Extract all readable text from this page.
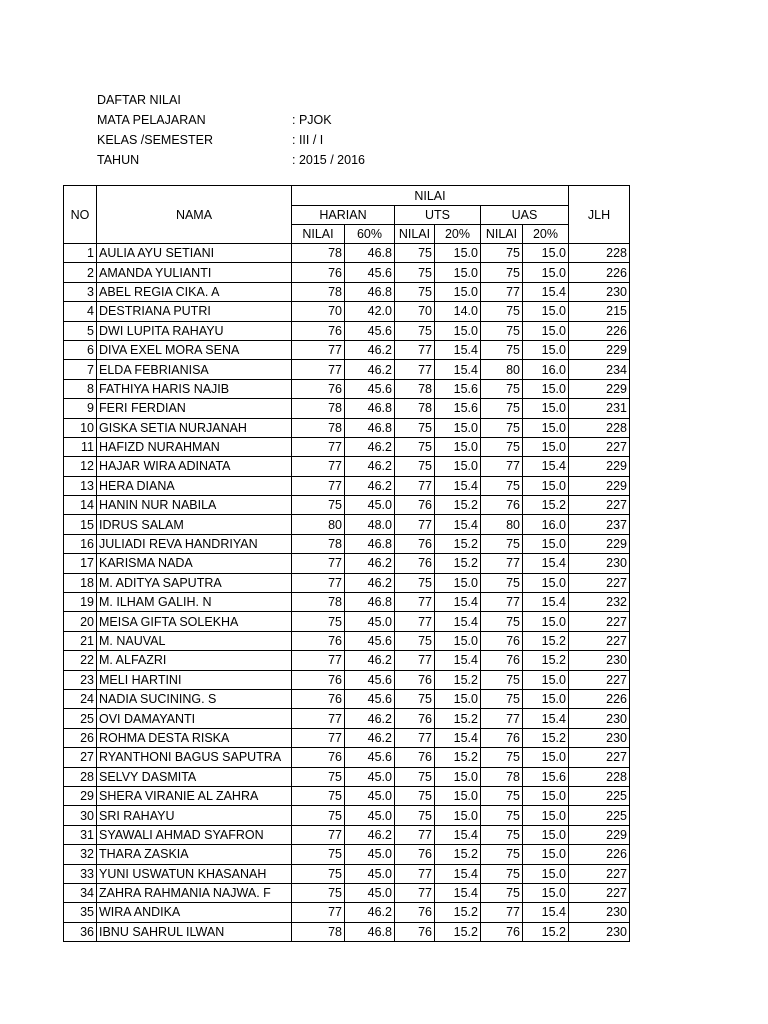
DAFTAR NILAI
MATA PELAJARAN	: PJOK
KELAS /SEMESTER	: III / I
TAHUN	: 2015 / 2016
NO	NAMA	NILAI						JLH
		HARIAN		UTS		UAS		
		NILAI	60%	NILAI	20%	NILAI	20%	
1	AULIA AYU SETIANI	78	46.8	75	15.0	75	15.0	228
2	AMANDA YULIANTI	76	45.6	75	15.0	75	15.0	226
3	ABEL REGIA CIKA. A	78	46.8	75	15.0	77	15.4	230
4	DESTRIANA PUTRI	70	42.0	70	14.0	75	15.0	215
5	DWI LUPITA RAHAYU	76	45.6	75	15.0	75	15.0	226
6	DIVA EXEL MORA SENA	77	46.2	77	15.4	75	15.0	229
7	ELDA FEBRIANISA	77	46.2	77	15.4	80	16.0	234
8	FATHIYA HARIS NAJIB	76	45.6	78	15.6	75	15.0	229
9	FERI FERDIAN	78	46.8	78	15.6	75	15.0	231
10	GISKA SETIA NURJANAH	78	46.8	75	15.0	75	15.0	228
11	HAFIZD NURAHMAN	77	46.2	75	15.0	75	15.0	227
12	HAJAR WIRA ADINATA	77	46.2	75	15.0	77	15.4	229
13	HERA DIANA	77	46.2	77	15.4	75	15.0	229
14	HANIN NUR NABILA	75	45.0	76	15.2	76	15.2	227
15	IDRUS SALAM	80	48.0	77	15.4	80	16.0	237
16	JULIADI REVA HANDRIYAN	78	46.8	76	15.2	75	15.0	229
17	KARISMA NADA	77	46.2	76	15.2	77	15.4	230
18	M. ADITYA SAPUTRA	77	46.2	75	15.0	75	15.0	227
19	M. ILHAM GALIH. N	78	46.8	77	15.4	77	15.4	232
20	MEISA GIFTA SOLEKHA	75	45.0	77	15.4	75	15.0	227
21	M. NAUVAL	76	45.6	75	15.0	76	15.2	227
22	M. ALFAZRI	77	46.2	77	15.4	76	15.2	230
23	MELI HARTINI	76	45.6	76	15.2	75	15.0	227
24	NADIA SUCINING. S	76	45.6	75	15.0	75	15.0	226
25	OVI DAMAYANTI	77	46.2	76	15.2	77	15.4	230
26	ROHMA DESTA RISKA	77	46.2	77	15.4	76	15.2	230
27	RYANTHONI BAGUS SAPUTRA	76	45.6	76	15.2	75	15.0	227
28	SELVY DASMITA	75	45.0	75	15.0	78	15.6	228
29	SHERA VIRANIE AL ZAHRA	75	45.0	75	15.0	75	15.0	225
30	SRI RAHAYU	75	45.0	75	15.0	75	15.0	225
31	SYAWALI AHMAD SYAFRON	77	46.2	77	15.4	75	15.0	229
32	THARA ZASKIA	75	45.0	76	15.2	75	15.0	226
33	YUNI USWATUN KHASANAH	75	45.0	77	15.4	75	15.0	227
34	ZAHRA RAHMANIA NAJWA. F	75	45.0	77	15.4	75	15.0	227
35	WIRA ANDIKA	77	46.2	76	15.2	77	15.4	230
36	IBNU SAHRUL ILWAN	78	46.8	76	15.2	76	15.2	230
